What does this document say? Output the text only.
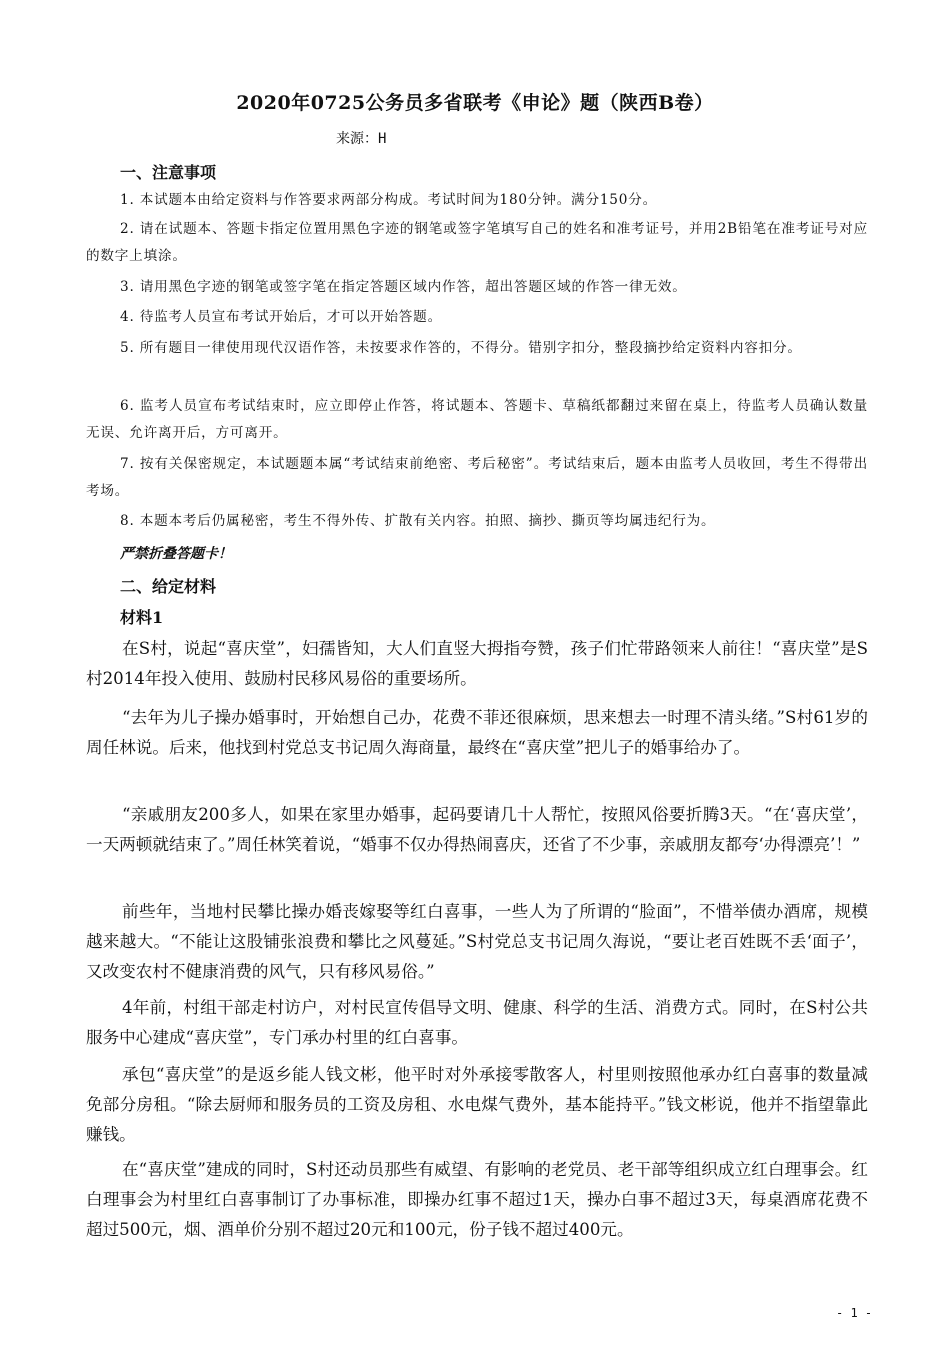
2020年0725公务员多省联考《申论》题（陕西B卷）
来源：H
一、注意事项
1. 本试题本由给定资料与作答要求两部分构成。考试时间为180分钟。满分150分。
2. 请在试题本、答题卡指定位置用黑色字迹的钢笔或签字笔填写自己的姓名和准考证号，并用2B铅笔在准考证号对应的数字上填涂。
3. 请用黑色字迹的钢笔或签字笔在指定答题区域内作答，超出答题区域的作答一律无效。
4. 待监考人员宣布考试开始后，才可以开始答题。
5. 所有题目一律使用现代汉语作答，未按要求作答的，不得分。错别字扣分，整段摘抄给定资料内容扣分。
6. 监考人员宣布考试结束时，应立即停止作答，将试题本、答题卡、草稿纸都翻过来留在桌上，待监考人员确认数量无误、允许离开后，方可离开。
7. 按有关保密规定，本试题题本属“考试结束前绝密、考后秘密”。考试结束后，题本由监考人员收回，考生不得带出考场。
8. 本题本考后仍属秘密，考生不得外传、扩散有关内容。拍照、摘抄、撕页等均属违纪行为。
严禁折叠答题卡！
二、给定材料
材料1
在S村，说起“喜庆堂”，妇孺皆知，大人们直竖大拇指夸赞，孩子们忙带路领来人前往！“喜庆堂”是S村2014年投入使用、鼓励村民移风易俗的重要场所。
“去年为儿子操办婚事时，开始想自己办，花费不菲还很麻烦，思来想去一时理不清头绪。”S村61岁的周任林说。后来，他找到村党总支书记周久海商量，最终在“喜庆堂”把儿子的婚事给办了。
“亲戚朋友200多人，如果在家里办婚事，起码要请几十人帮忙，按照风俗要折腾3天。“在‘喜庆堂’，一天两顿就结束了。”周任林笑着说，“婚事不仅办得热闹喜庆，还省了不少事，亲戚朋友都夸‘办得漂亮’！”
前些年，当地村民攀比操办婚丧嫁娶等红白喜事，一些人为了所谓的“脸面”，不惜举债办酒席，规模越来越大。“不能让这股铺张浪费和攀比之风蔓延。”S村党总支书记周久海说，“要让老百姓既不丢‘面子’，又改变农村不健康消费的风气，只有移风易俗。”
4年前，村组干部走村访户，对村民宣传倡导文明、健康、科学的生活、消费方式。同时，在S村公共服务中心建成“喜庆堂”，专门承办村里的红白喜事。
承包“喜庆堂”的是返乡能人钱文彬，他平时对外承接零散客人，村里则按照他承办红白喜事的数量减免部分房租。“除去厨师和服务员的工资及房租、水电煤气费外，基本能持平。”钱文彬说，他并不指望靠此赚钱。
在“喜庆堂”建成的同时，S村还动员那些有威望、有影响的老党员、老干部等组织成立红白理事会。红白理事会为村里红白喜事制订了办事标准，即操办红事不超过1天，操办白事不超过3天，每桌酒席花费不超过500元，烟、酒单价分别不超过20元和100元，份子钱不超过400元。
- 1 -
